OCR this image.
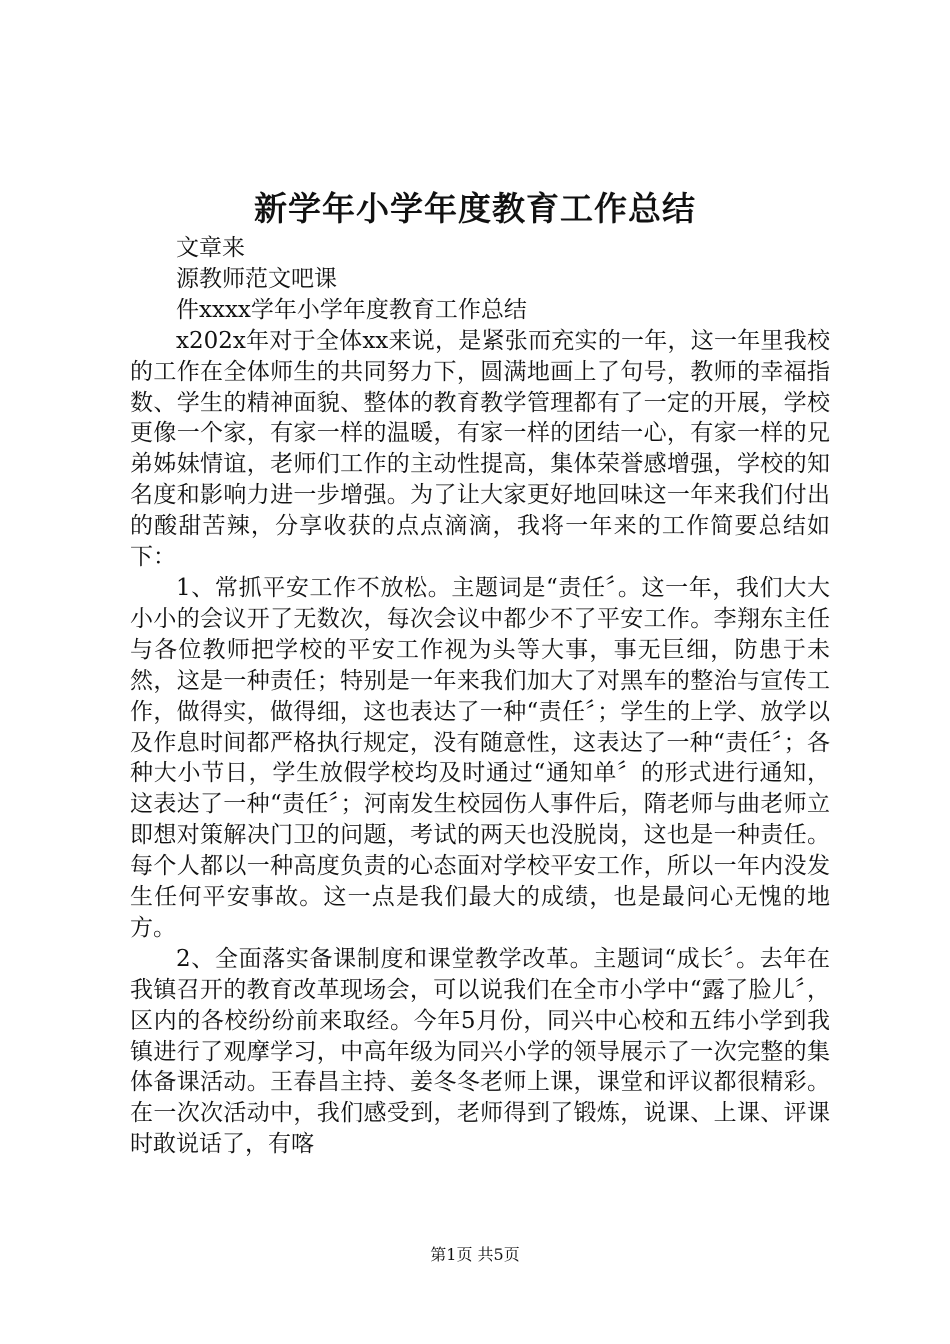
新学年小学年度教育工作总结

文章来

源教师范文吧课

件xxxx学年小学年度教育工作总结

x202x年对于全体xx来说，是紧张而充实的一年，这一年里我校的工作在全体师生的共同努力下，圆满地画上了句号，教师的幸福指数、学生的精神面貌、整体的教育教学管理都有了一定的开展，学校更像一个家，有家一样的温暖，有家一样的团结一心，有家一样的兄弟姊妹情谊，老师们工作的主动性提高，集体荣誉感增强，学校的知名度和影响力进一步增强。为了让大家更好地回味这一年来我们付出的酸甜苦辣，分享收获的点点滴滴，我将一年来的工作简要总结如下：

1、常抓平安工作不放松。主题词是“责任〞。这一年，我们大大小小的会议开了无数次，每次会议中都少不了平安工作。李翔东主任与各位教师把学校的平安工作视为头等大事，事无巨细，防患于未然，这是一种责任；特别是一年来我们加大了对黑车的整治与宣传工作，做得实，做得细，这也表达了一种“责任〞；学生的上学、放学以及作息时间都严格执行规定，没有随意性，这表达了一种“责任〞；各种大小节日，学生放假学校均及时通过“通知单〞的形式进行通知，这表达了一种“责任〞；河南发生校园伤人事件后，隋老师与曲老师立即想对策解决门卫的问题，考试的两天也没脱岗，这也是一种责任。每个人都以一种高度负责的心态面对学校平安工作，所以一年内没发生任何平安事故。这一点是我们最大的成绩，也是最问心无愧的地方。

2、全面落实备课制度和课堂教学改革。主题词“成长〞。去年在我镇召开的教育改革现场会，可以说我们在全市小学中“露了脸儿〞，区内的各校纷纷前来取经。今年5月份，同兴中心校和五纬小学到我镇进行了观摩学习，中高年级为同兴小学的领导展示了一次完整的集体备课活动。王春昌主持、姜冬冬老师上课，课堂和评议都很精彩。在一次次活动中，我们感受到，老师得到了锻炼，说课、上课、评课时敢说话了，有喀

第1页 共5页
